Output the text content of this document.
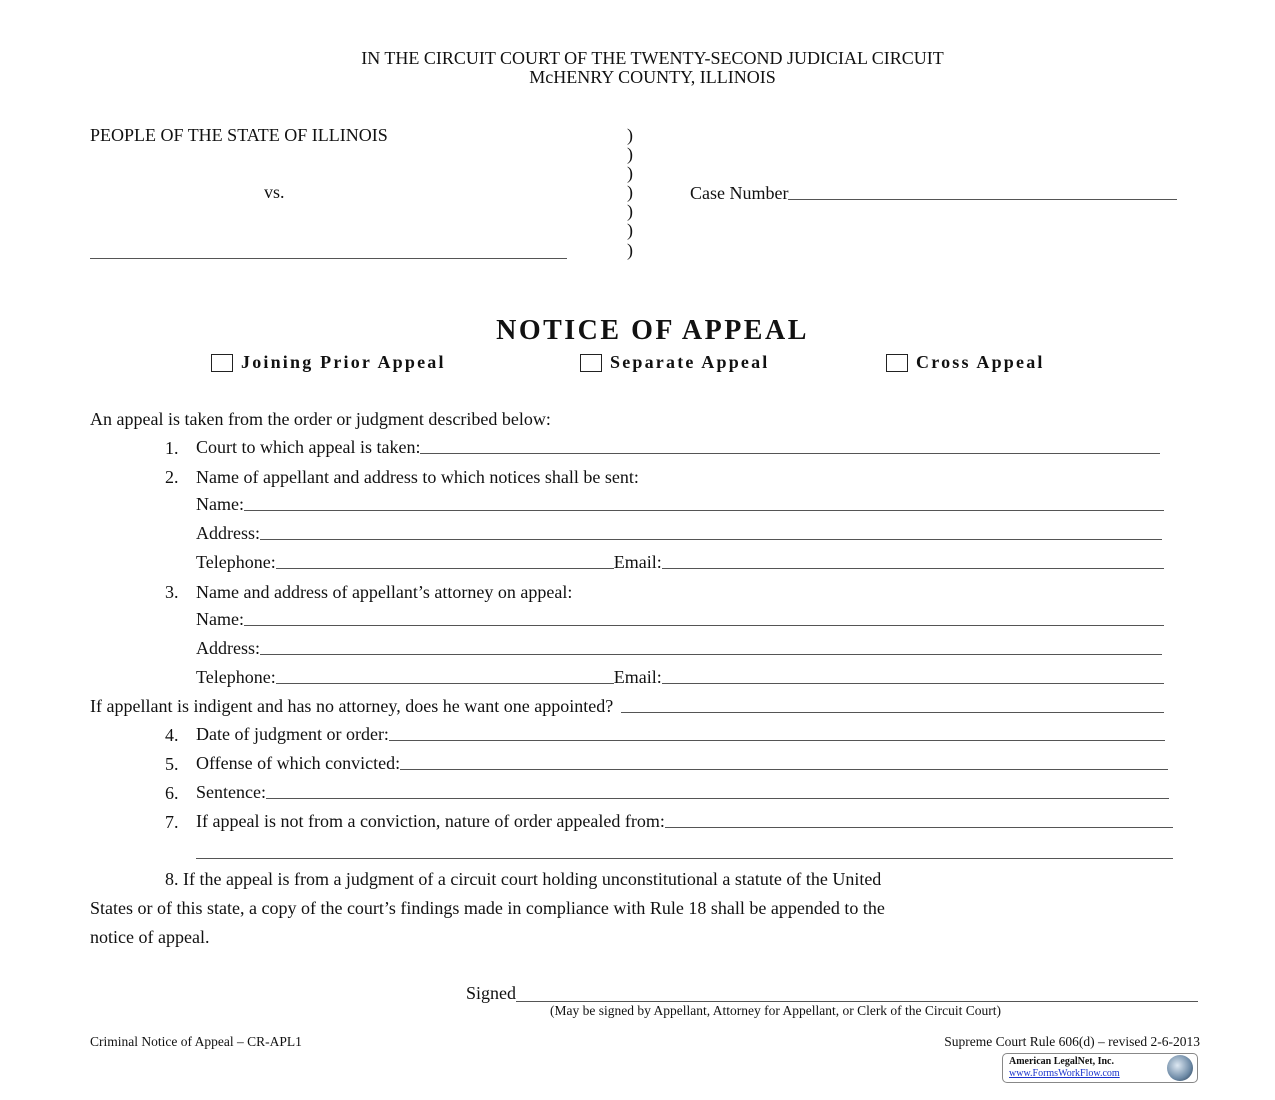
IN THE CIRCUIT COURT OF THE TWENTY-SECOND JUDICIAL CIRCUIT
McHENRY COUNTY, ILLINOIS
PEOPLE OF THE STATE OF ILLINOIS
vs.
)
)
)
)
)
)
)
Case Number
NOTICE OF APPEAL
Joining Prior Appeal	Separate Appeal	Cross Appeal
An appeal is taken from the order or judgment described below:
1. Court to which appeal is taken:
2. Name of appellant and address to which notices shall be sent:
Name:
Address:
Telephone:	Email:
3. Name and address of appellant’s attorney on appeal:
Name:
Address:
Telephone:	Email:
If appellant is indigent and has no attorney, does he want one appointed?
4. Date of judgment or order:
5. Offense of which convicted:
6. Sentence:
7. If appeal is not from a conviction, nature of order appealed from:
8. If the appeal is from a judgment of a circuit court holding unconstitutional a statute of the United
States or of this state, a copy of the court’s findings made in compliance with Rule 18 shall be appended to the
notice of appeal.
Signed
(May be signed by Appellant, Attorney for Appellant, or Clerk of the Circuit Court)
Criminal Notice of Appeal – CR-APL1	Supreme Court Rule 606(d) – revised 2-6-2013
American LegalNet, Inc.
www.FormsWorkFlow.com
